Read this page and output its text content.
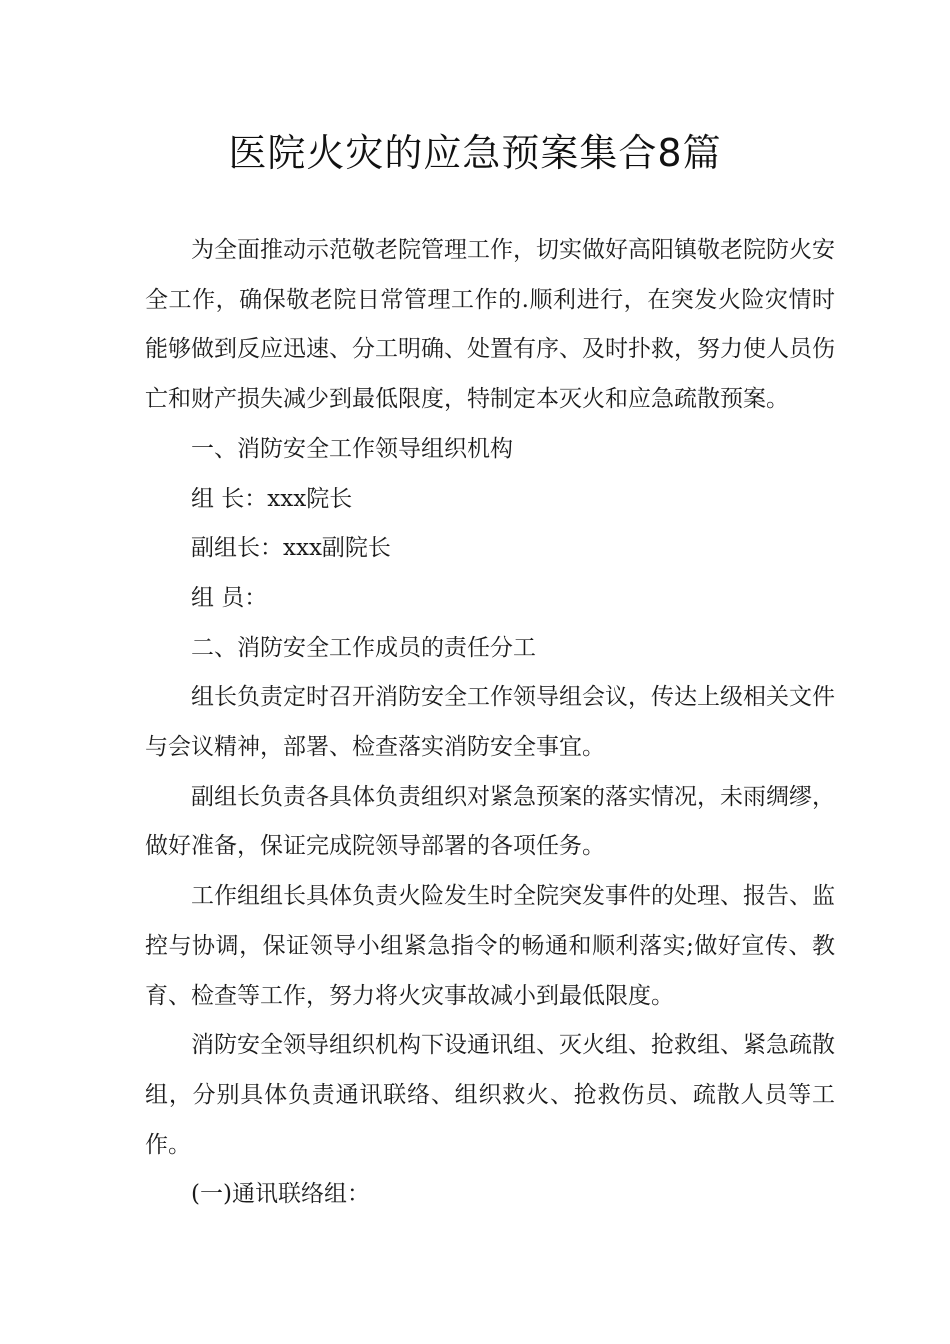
医院火灾的应急预案集合8篇

为全面推动示范敬老院管理工作，切实做好高阳镇敬老院防火安全工作，确保敬老院日常管理工作的.顺利进行，在突发火险灾情时能够做到反应迅速、分工明确、处置有序、及时扑救，努力使人员伤亡和财产损失减少到最低限度，特制定本灭火和应急疏散预案。

一、消防安全工作领导组织机构

组 长：xxx院长

副组长：xxx副院长

组 员：

二、消防安全工作成员的责任分工

组长负责定时召开消防安全工作领导组会议，传达上级相关文件与会议精神，部署、检查落实消防安全事宜。

副组长负责各具体负责组织对紧急预案的落实情况，未雨绸缪，做好准备，保证完成院领导部署的各项任务。

工作组组长具体负责火险发生时全院突发事件的处理、报告、监控与协调，保证领导小组紧急指令的畅通和顺利落实;做好宣传、教育、检查等工作，努力将火灾事故减小到最低限度。

消防安全领导组织机构下设通讯组、灭火组、抢救组、紧急疏散组，分别具体负责通讯联络、组织救火、抢救伤员、疏散人员等工作。

(一)通讯联络组：
